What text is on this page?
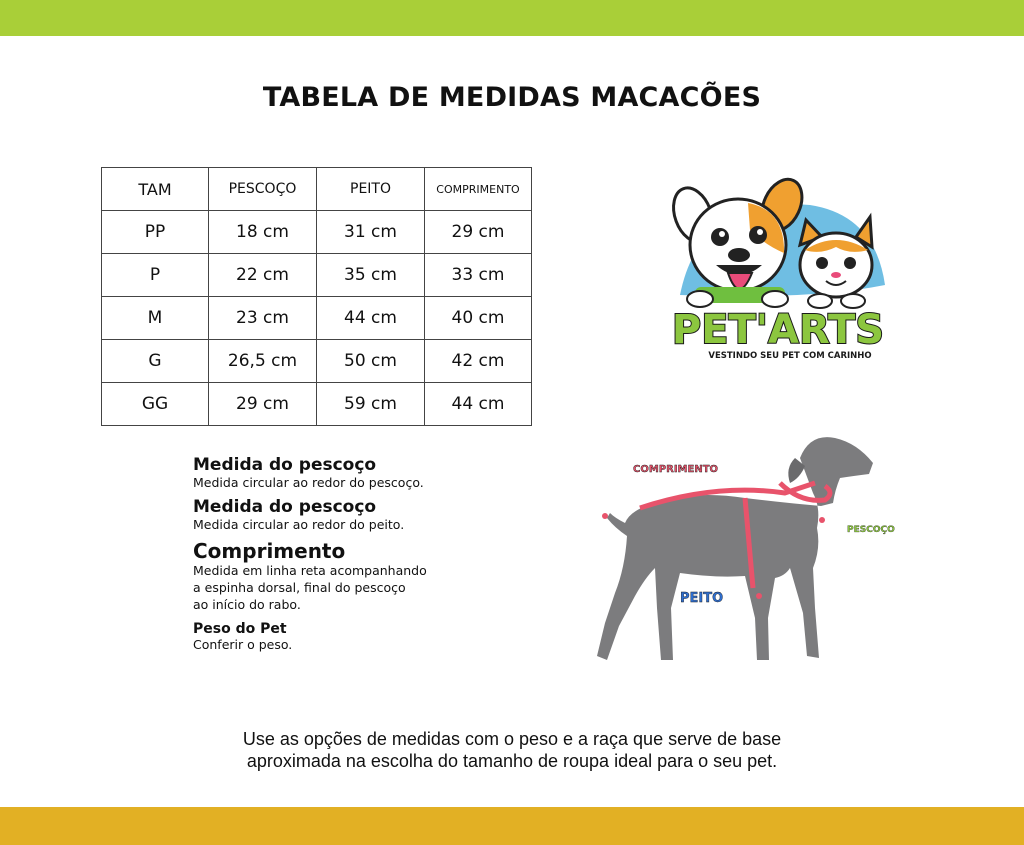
TABELA DE MEDIDAS MACACÕES
TAM	PESCOÇO	PEITO	COMPRIMENTO
PP	18 cm	31 cm	29 cm
P	22 cm	35 cm	33 cm
M	23 cm	44 cm	40 cm
G	26,5 cm	50 cm	42 cm
GG	29 cm	59 cm	44 cm
PET'ARTS
VESTINDO SEU PET COM CARINHO
Medida do pescoço
Medida circular ao redor do pescoço.
Medida do pescoço
Medida circular ao redor do peito.
Comprimento
Medida em linha reta acompanhando
a espinha dorsal, final do pescoço
ao início do rabo.
Peso do Pet
Conferir o peso.
COMPRIMENTO
PESCOÇO
PEITO
Use as opções de medidas com o peso e a raça que serve de base
aproximada na escolha do tamanho de roupa ideal para o seu pet.
